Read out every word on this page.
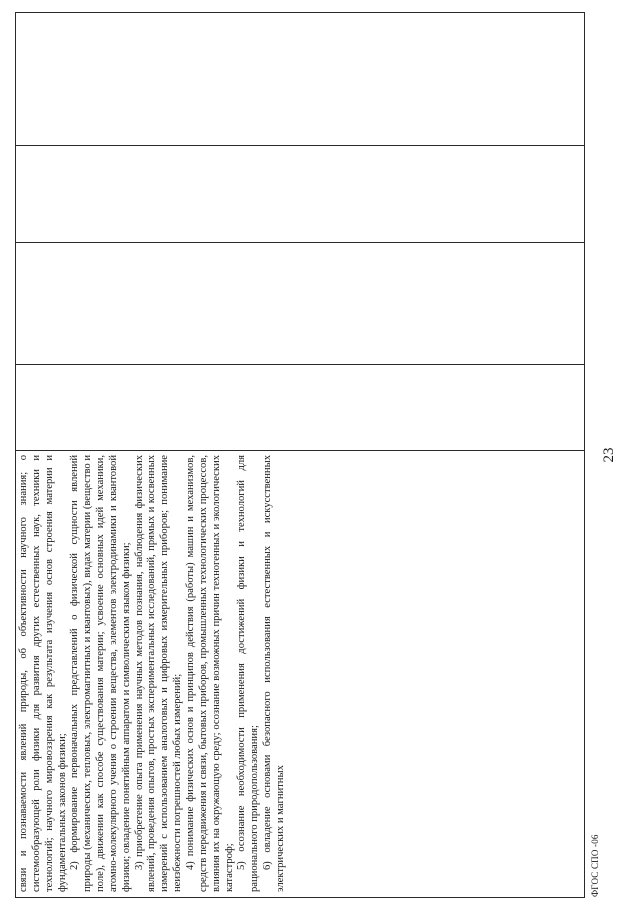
23
ФГОС СПО -06

связи и познаваемости явлений природы, об объективности научного знания; о системообразующей роли физики для развития других естественных наук, техники и технологий; научного мировоззрения как результата изучения основ строения материи и фундаментальных законов физики; 2) формирование первоначальных представлений о физической сущности явлений природы (механических, тепловых, электромагнитных и квантовых), видах материи (вещество и поле), движении как способе существования материи; усвоение основных идей механики, атомно-молекулярного учения о строении вещества, элементов электродинамики и квантовой физики; овладение понятийным аппаратом и символическим языком физики; 3) приобретение опыта применения научных методов познания, наблюдения физических явлений, проведения опытов, простых экспериментальных исследований, прямых и косвенных измерений с использованием аналоговых и цифровых измерительных приборов; понимание неизбежности погрешностей любых измерений; 4) понимание физических основ и принципов действия (работы) машин и механизмов, средств передвижения и связи, бытовых приборов, промышленных технологических процессов, влияния их на окружающую среду; осознание возможных причин техногенных и экологических катастроф; 5) осознание необходимости применения достижений физики и технологий для рационального природопользования; 6) овладение основами безопасного использования естественных и искусственных электрических и магнитных
